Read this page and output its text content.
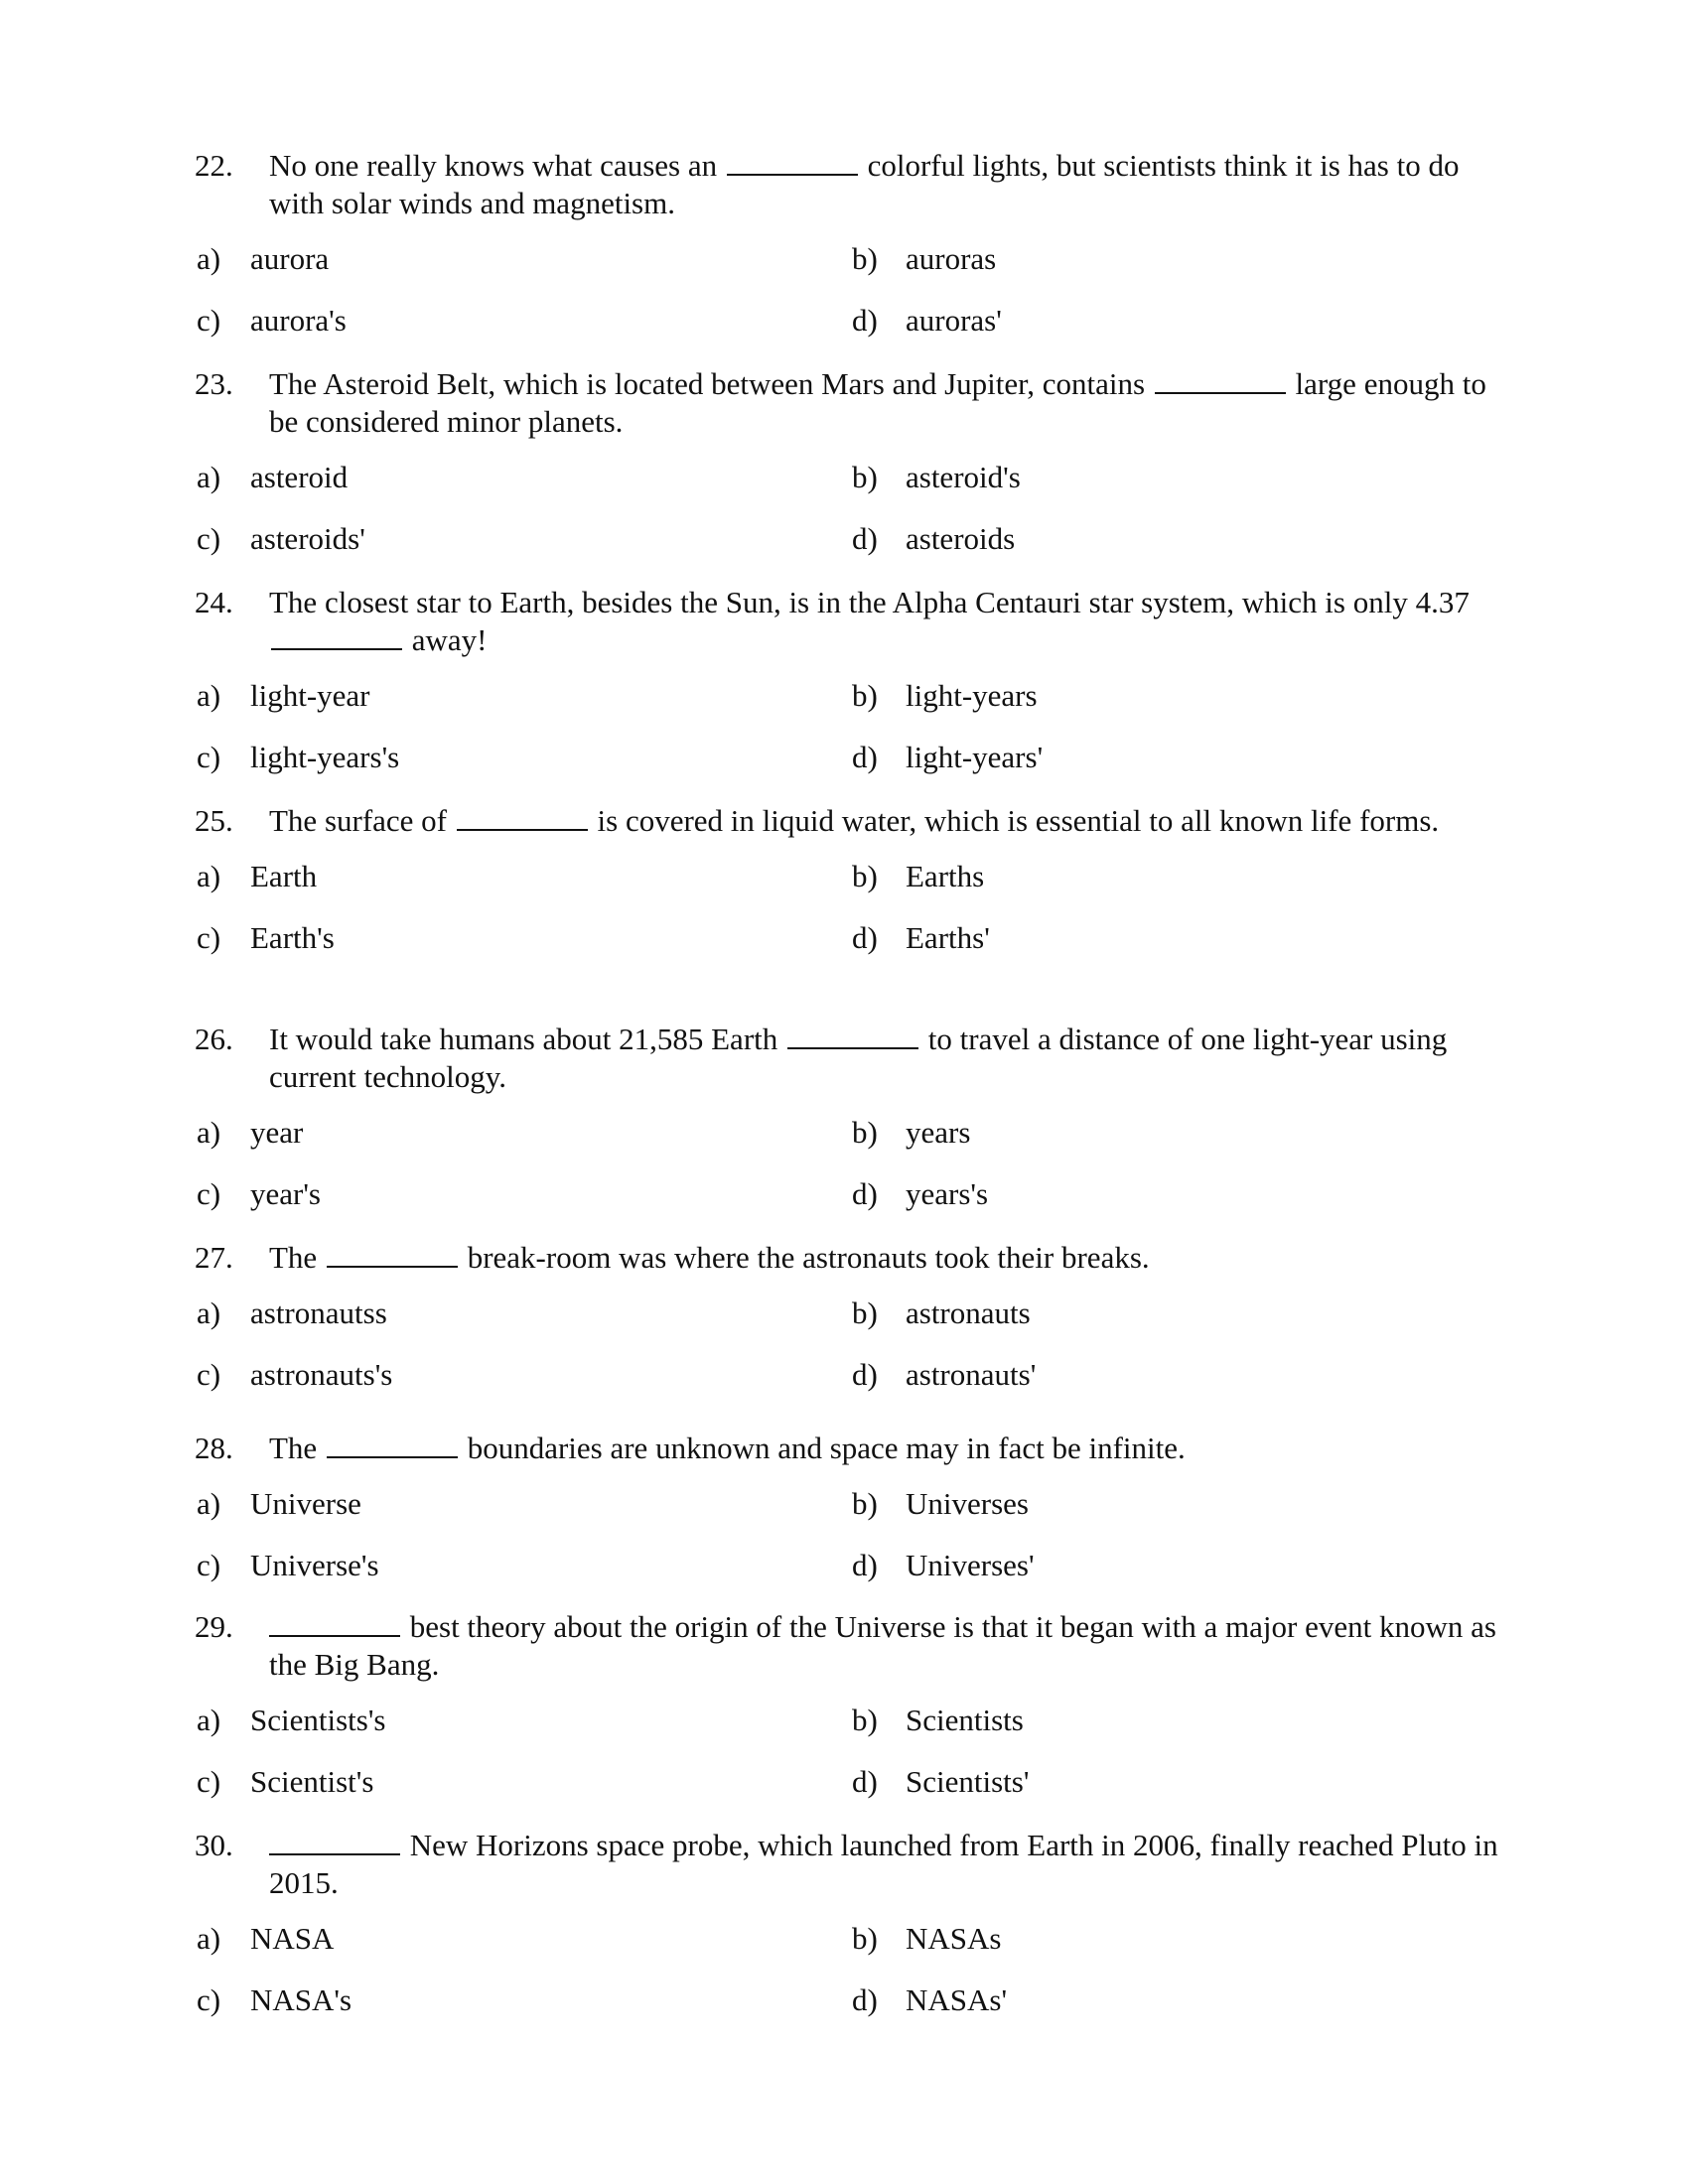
22. No one really knows what causes an	colorful lights, but scientists think it is has to do with solar winds and magnetism.
a) aurora	b) auroras
c) aurora's	d) auroras'
23. The Asteroid Belt, which is located between Mars and Jupiter, contains	large enough to be considered minor planets.
a) asteroid	b) asteroid's
c) asteroids'	d) asteroids
24. The closest star to Earth, besides the Sun, is in the Alpha Centauri star system, which is only 4.37  away!
a) light-year	b) light-years
c) light-years's	d) light-years'
25. The surface of	is covered in liquid water, which is essential to all known life forms.
a) Earth	b) Earths
c) Earth's	d) Earths'
26. It would take humans about 21,585 Earth	to travel a distance of one light-year using current technology.
a) year	b) years
c) year's	d) years's
27. The	break-room was where the astronauts took their breaks.
a) astronautss	b) astronauts
c) astronauts's	d) astronauts'
28. The	boundaries are unknown and space may in fact be infinite.
a) Universe	b) Universes
c) Universe's	d) Universes'
29.	best theory about the origin of the Universe is that it began with a major event known as the Big Bang.
a) Scientists's	b) Scientists
c) Scientist's	d) Scientists'
30.	New Horizons space probe, which launched from Earth in 2006, finally reached Pluto in 2015.
a) NASA	b) NASAs
c) NASA's	d) NASAs'
